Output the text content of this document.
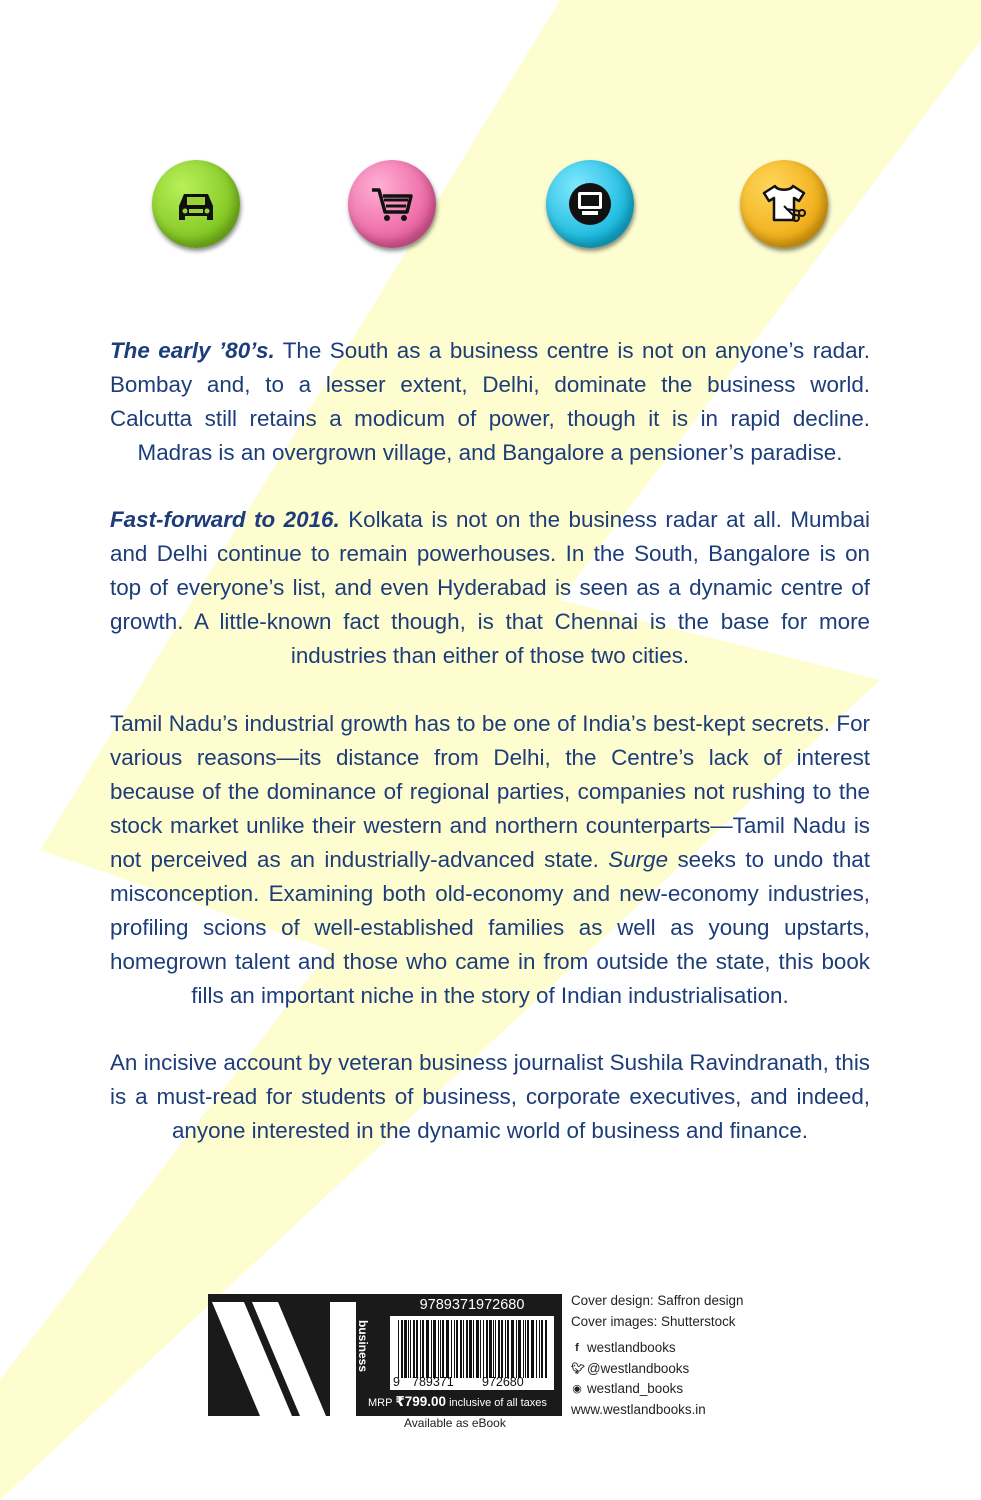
The early ’80’s. The South as a business centre is not on anyone’s radar. Bombay and, to a lesser extent, Delhi, dominate the business world. Calcutta still retains a modicum of power, though it is in rapid decline. Madras is an overgrown village, and Bangalore a pensioner’s paradise.

Fast-forward to 2016. Kolkata is not on the business radar at all. Mumbai and Delhi continue to remain powerhouses. In the South, Bangalore is on top of everyone’s list, and even Hyderabad is seen as a dynamic centre of growth. A little-known fact though, is that Chennai is the base for more industries than either of those two cities.

Tamil Nadu’s industrial growth has to be one of India’s best-kept secrets. For various reasons—its distance from Delhi, the Centre’s lack of interest because of the dominance of regional parties, companies not rushing to the stock market unlike their western and northern counterparts—Tamil Nadu is not perceived as an industrially-advanced state. Surge seeks to undo that misconception. Examining both old-economy and new-economy industries, profiling scions of well-established families as well as young upstarts, homegrown talent and those who came in from outside the state, this book fills an important niche in the story of Indian industrialisation.

An incisive account by veteran business journalist Sushila Ravindranath, this is a must-read for students of business, corporate executives, and indeed, anyone interested in the dynamic world of business and finance.

business
9789371972680
9 789371 972680
MRP ₹799.00 inclusive of all taxes
Available as eBook
Cover design: Saffron design
Cover images: Shutterstock
f westlandbooks
🐦︎ @westlandbooks
◉ westland_books
www.westlandbooks.in
